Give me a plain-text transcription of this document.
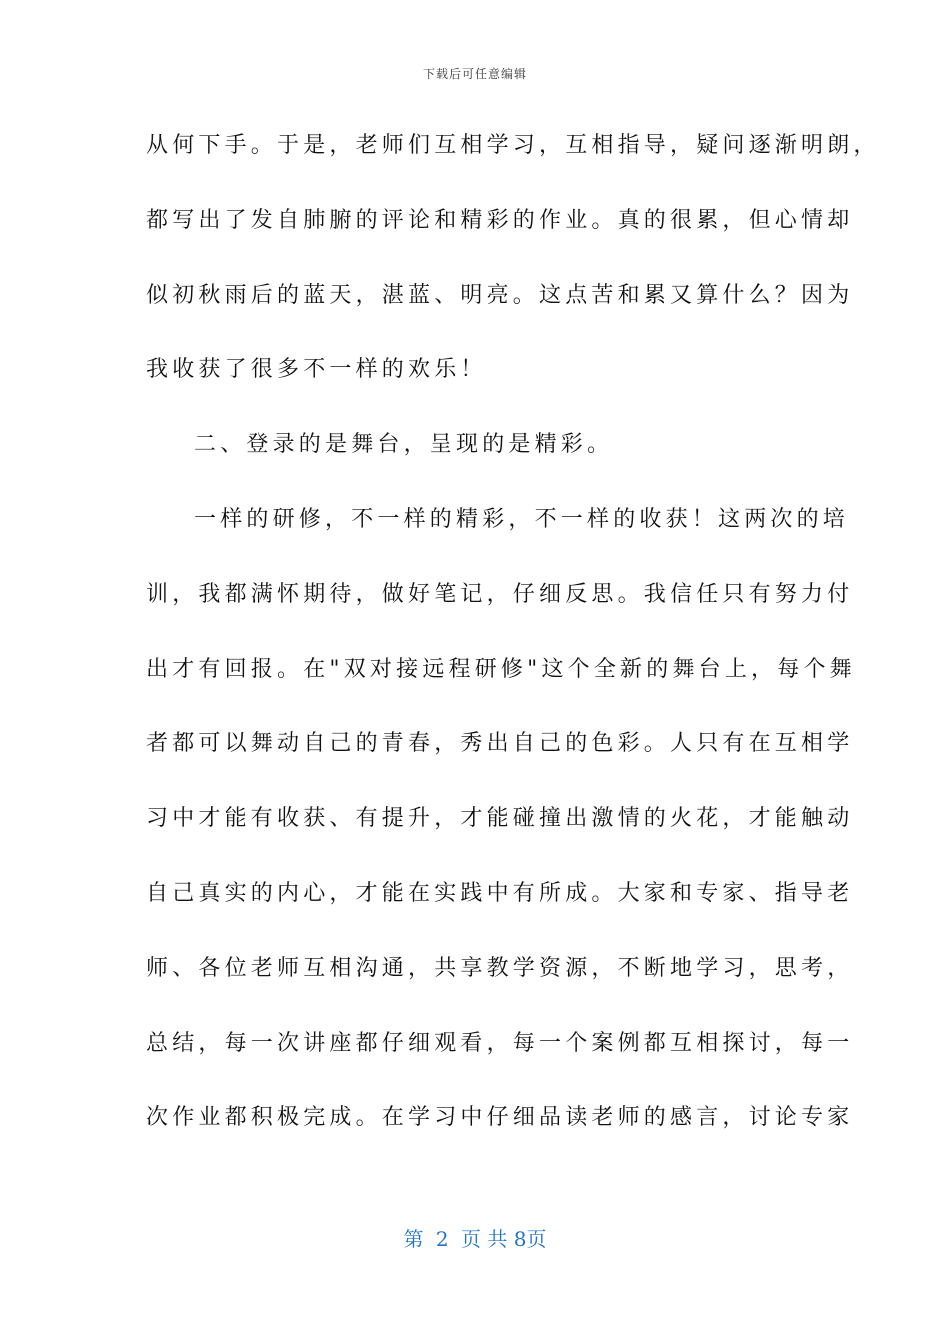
下载后可任意编辑
从何下手。于是，老师们互相学习，互相指导，疑问逐渐明朗，
都写出了发自肺腑的评论和精彩的作业。真的很累，但心情却
似初秋雨后的蓝天，湛蓝、明亮。这点苦和累又算什么？因为
我收获了很多不一样的欢乐！
二、登录的是舞台，呈现的是精彩。
一样的研修，不一样的精彩，不一样的收获！这两次的培
训，我都满怀期待，做好笔记，仔细反思。我信任只有努力付
出才有回报。在"双对接远程研修"这个全新的舞台上，每个舞
者都可以舞动自己的青春，秀出自己的色彩。人只有在互相学
习中才能有收获、有提升，才能碰撞出激情的火花，才能触动
自己真实的内心，才能在实践中有所成。大家和专家、指导老
师、各位老师互相沟通，共享教学资源，不断地学习，思考，
总结，每一次讲座都仔细观看，每一个案例都互相探讨，每一
次作业都积极完成。在学习中仔细品读老师的感言，讨论专家
第 2 页 共 8页
